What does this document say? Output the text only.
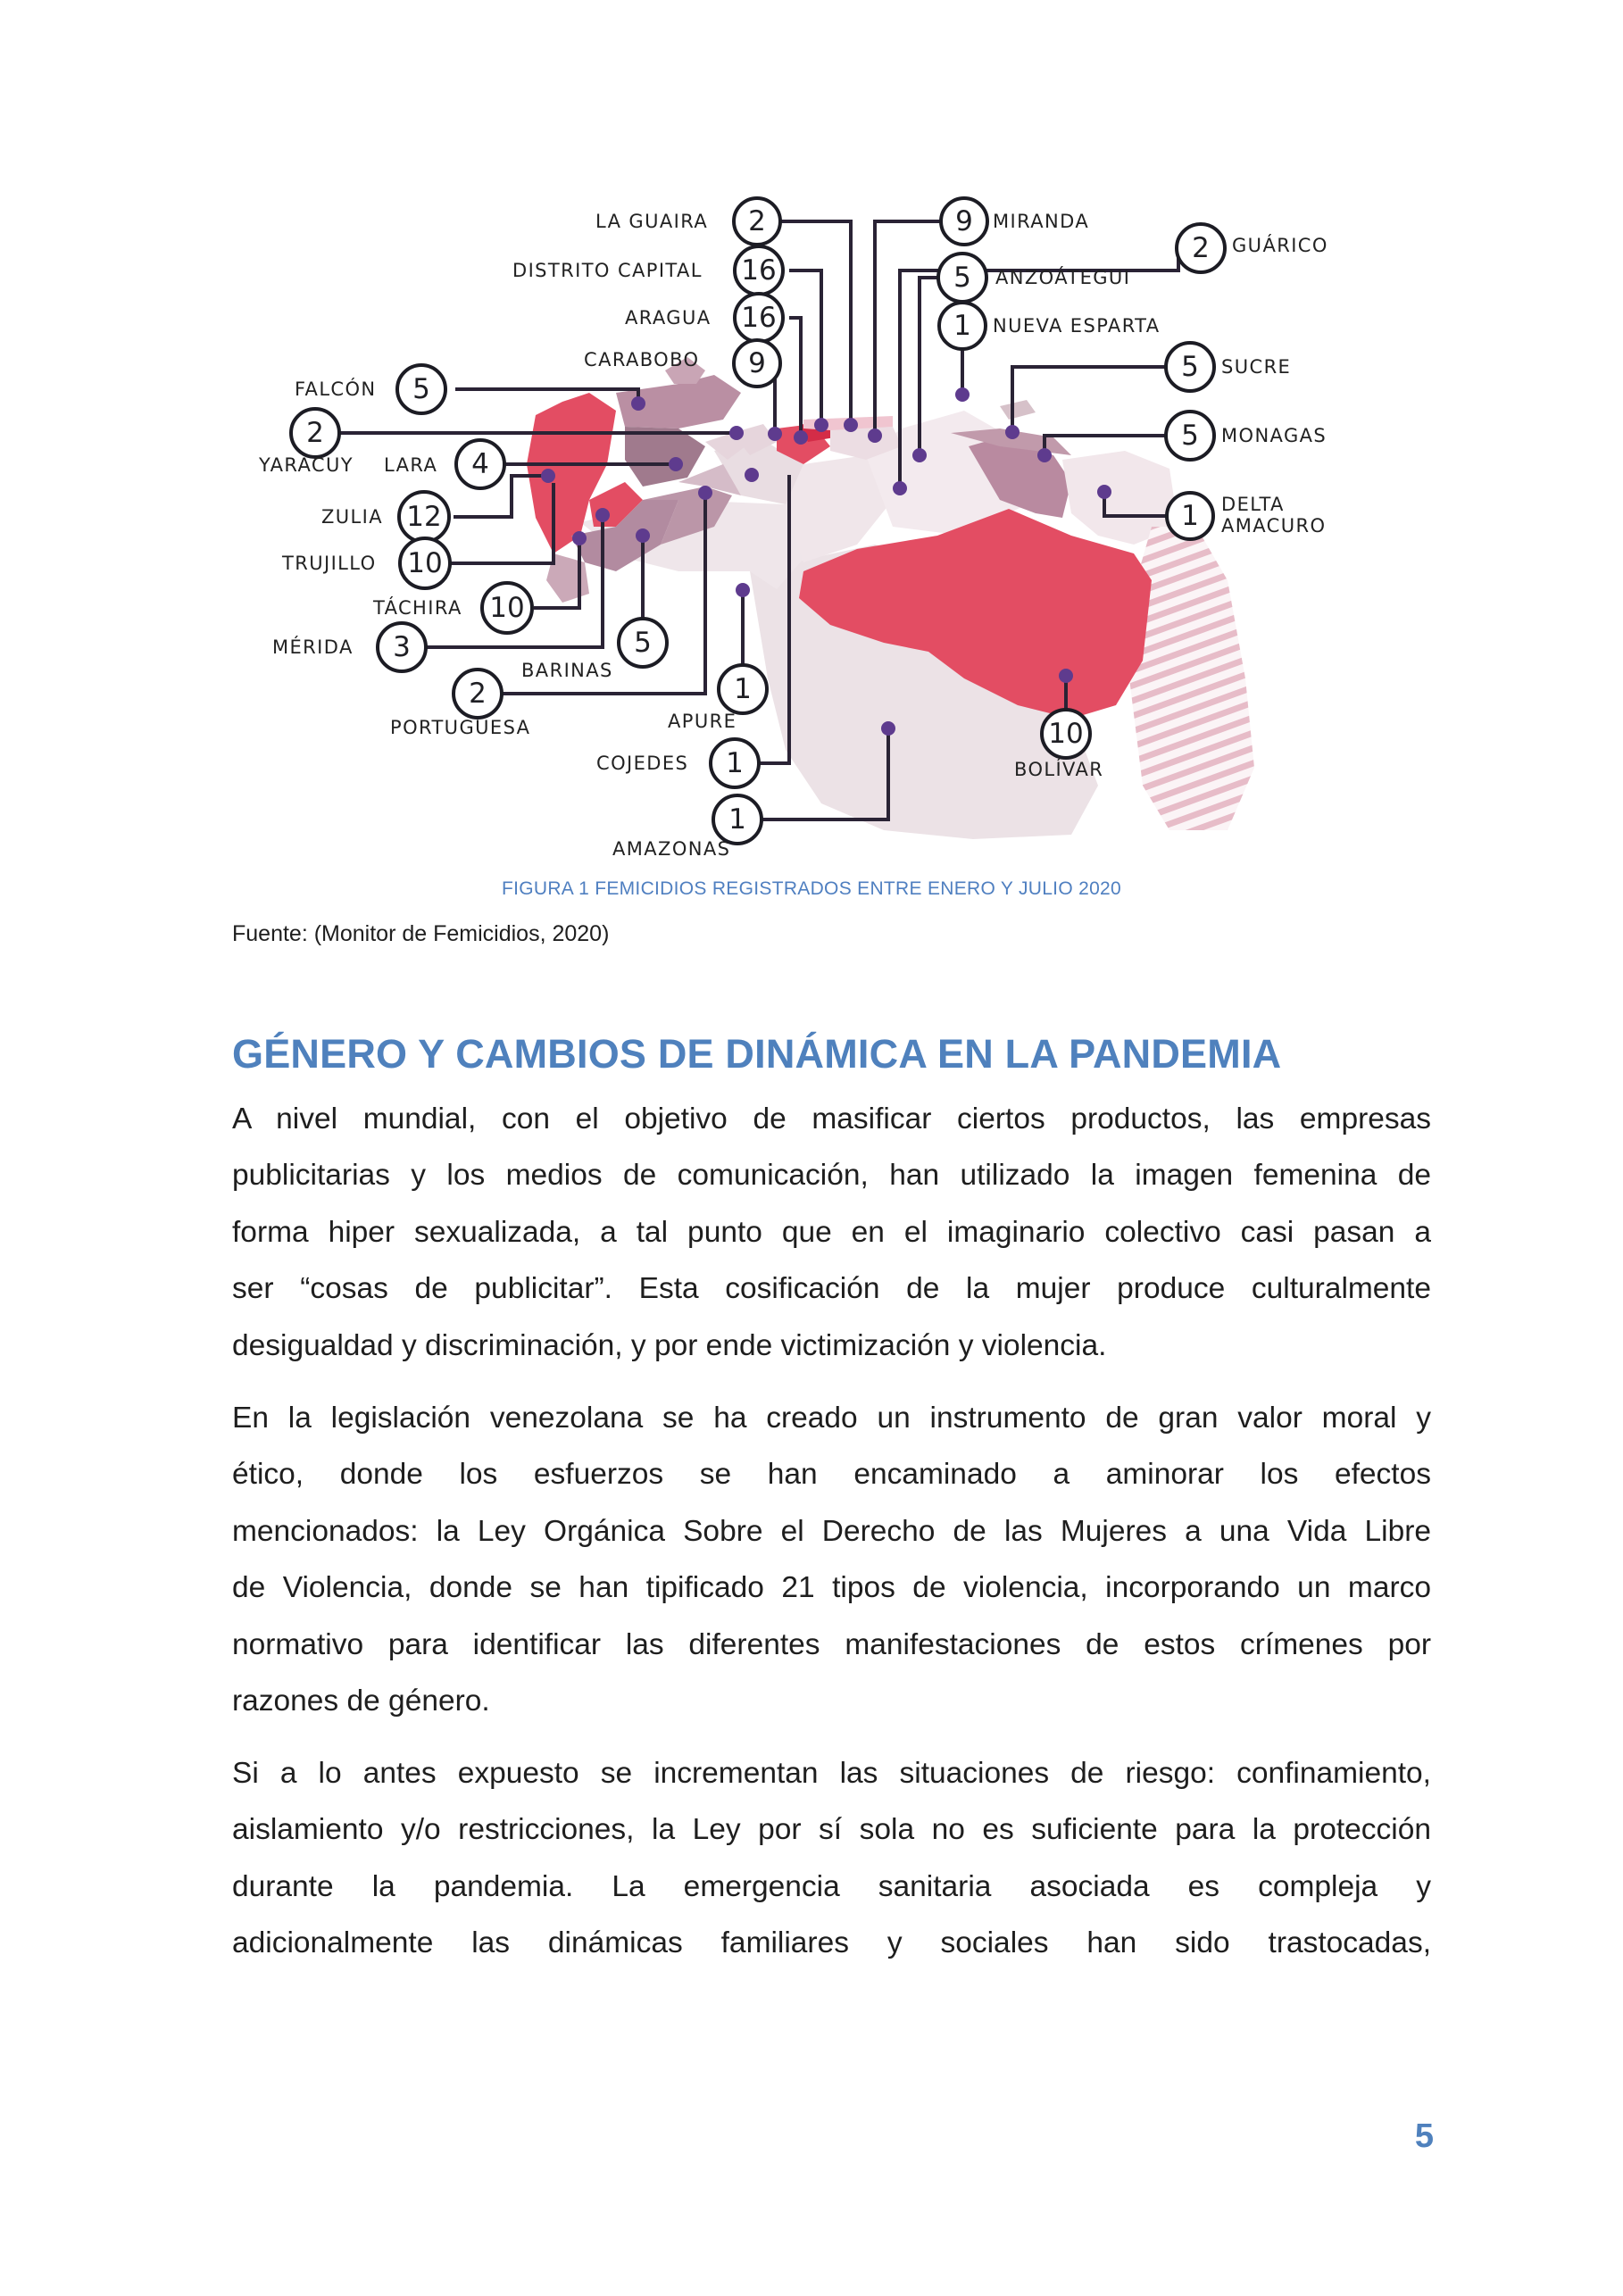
LA GUAIRA 2
DISTRITO CAPITAL 16
ARAGUA 16
CARABOBO 9
FALCÓN 5
2
YARACUY LARA 4
ZULIA 12
TRUJILLO 10
TÁCHIRA 10
MÉRIDA 3	5
BARINAS
2
PORTUGUESA
1
APURE
COJEDES 1
1
AMAZONAS
9 MIRANDA
2 GUÁRICO
5 ANZOÁTEGUI
1 NUEVA ESPARTA
5 SUCRE
5 MONAGAS
1 DELTA
AMACURO
10
BOLÍVAR
FIGURA 1 FEMICIDIOS REGISTRADOS ENTRE ENERO Y JULIO 2020
Fuente: (Monitor de Femicidios, 2020)
GÉNERO Y CAMBIOS DE DINÁMICA EN LA PANDEMIA

A nivel mundial, con el objetivo de masificar ciertos productos, las empresas
publicitarias y los medios de comunicación, han utilizado la imagen femenina de
forma hiper sexualizada, a tal punto que en el imaginario colectivo casi pasan a
ser “cosas de publicitar”. Esta cosificación de la mujer produce culturalmente
desigualdad y discriminación, y por ende victimización y violencia.

En la legislación venezolana se ha creado un instrumento de gran valor moral y
ético, donde los esfuerzos se han encaminado a aminorar los efectos
mencionados: la Ley Orgánica Sobre el Derecho de las Mujeres a una Vida Libre
de Violencia, donde se han tipificado 21 tipos de violencia, incorporando un marco
normativo para identificar las diferentes manifestaciones de estos crímenes por
razones de género.

Si a lo antes expuesto se incrementan las situaciones de riesgo: confinamiento,
aislamiento y/o restricciones, la Ley por sí sola no es suficiente para la protección
durante la pandemia. La emergencia sanitaria asociada es compleja y
adicionalmente las dinámicas familiares y sociales han sido trastocadas,

5
